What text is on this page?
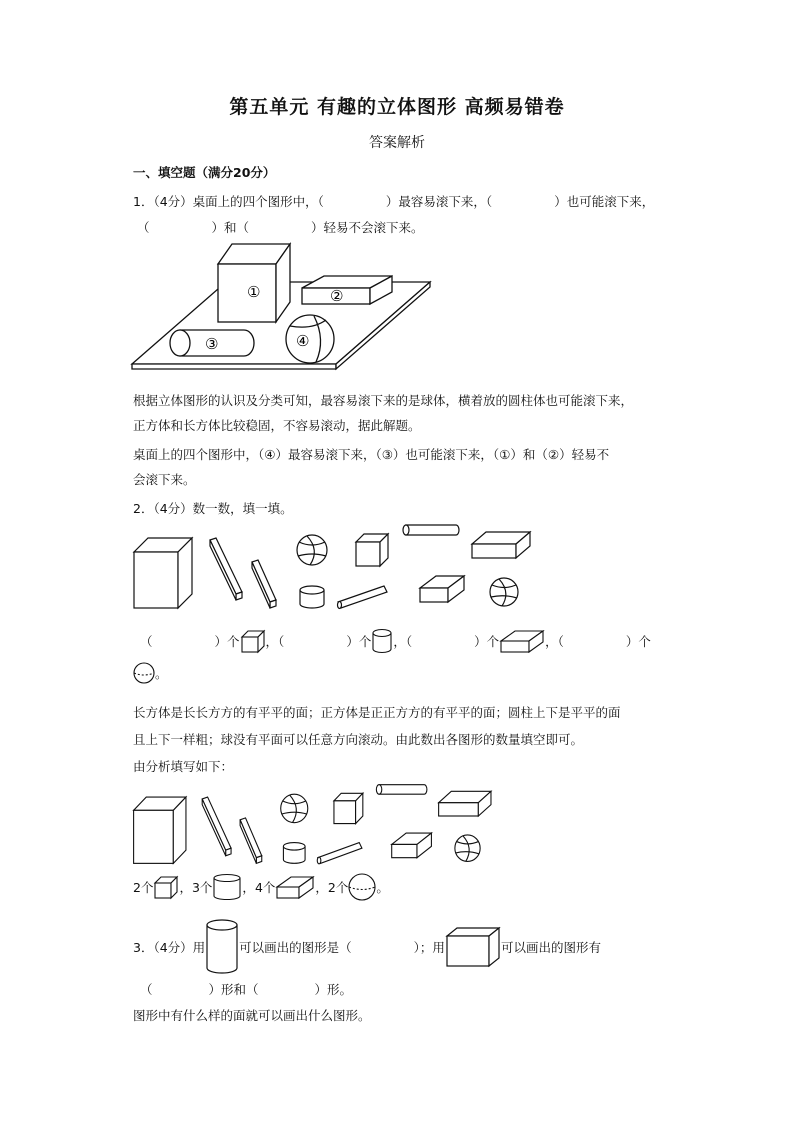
第五单元 有趣的立体图形 高频易错卷
答案解析
一、填空题（满分20分）
1．（4分）桌面上的四个图形中，（	）最容易滚下来，（	）也可能滚下来，
（	）和（	）轻易不会滚下来。
①	②
③	④
根据立体图形的认识及分类可知，最容易滚下来的是球体，横着放的圆柱体也可能滚下来，
正方体和长方体比较稳固，不容易滚动，据此解题。
桌面上的四个图形中，（④）最容易滚下来，（③）也可能滚下来，（①）和（②）轻易不
会滚下来。
2．（4分）数一数，填一填。
（	）个 ，（	）个 ，（	）个	，（	）个
。
长方体是长长方方的有平平的面；正方体是正正方方的有平平的面；圆柱上下是平平的面
且上下一样粗；球没有平面可以任意方向滚动。由此数出各图形的数量填空即可。
由分析填写如下：
2个 ，3个 ，4个	，2个 。
3．（4分）用	可以画出的图形是（	）；用	可以画出的图形有
（	）形和（	）形。
图形中有什么样的面就可以画出什么图形。
